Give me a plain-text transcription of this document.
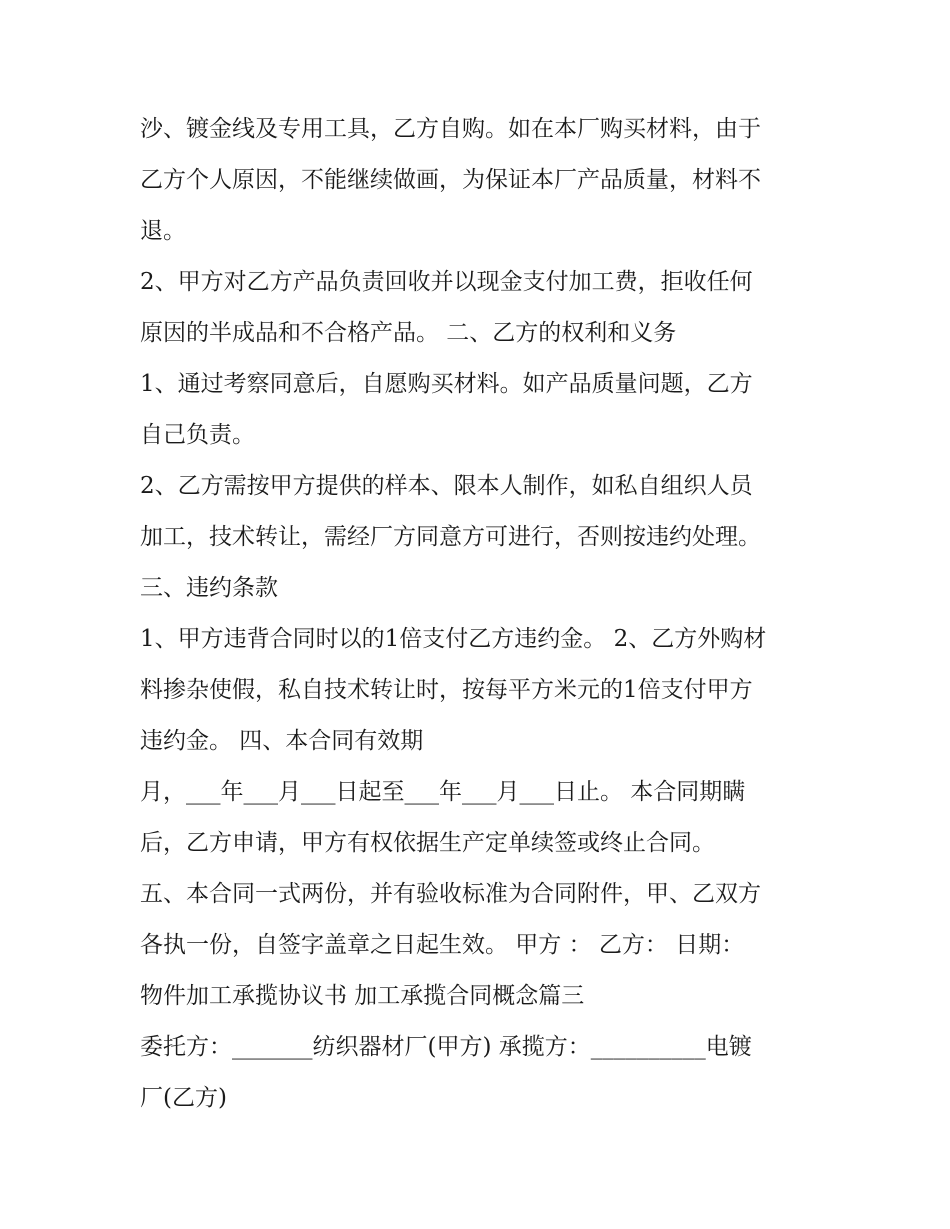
沙、镀金线及专用工具，乙方自购。如在本厂购买材料，由于
乙方个人原因，不能继续做画，为保证本厂产品质量，材料不
退。
2、甲方对乙方产品负责回收并以现金支付加工费，拒收任何
原因的半成品和不合格产品。 二、乙方的权利和义务
1、通过考察同意后，自愿购买材料。如产品质量问题，乙方
自己负责。
2、乙方需按甲方提供的样本、限本人制作，如私自组织人员
加工，技术转让，需经厂方同意方可进行，否则按违约处理。
三、违约条款
1、甲方违背合同时以的1倍支付乙方违约金。 2、乙方外购材
料掺杂使假，私自技术转让时，按每平方米元的1倍支付甲方
违约金。 四、本合同有效期
月，___年___月___日起至___年___月___日止。 本合同期瞒
后，乙方申请，甲方有权依据生产定单续签或终止合同。
五、本合同一式两份，并有验收标准为合同附件，甲、乙双方
各执一份，自签字盖章之日起生效。 甲方 ： 乙方： 日期：
物件加工承揽协议书 加工承揽合同概念篇三
委托方：_______纺织器材厂(甲方) 承揽方：__________电镀
厂(乙方)
